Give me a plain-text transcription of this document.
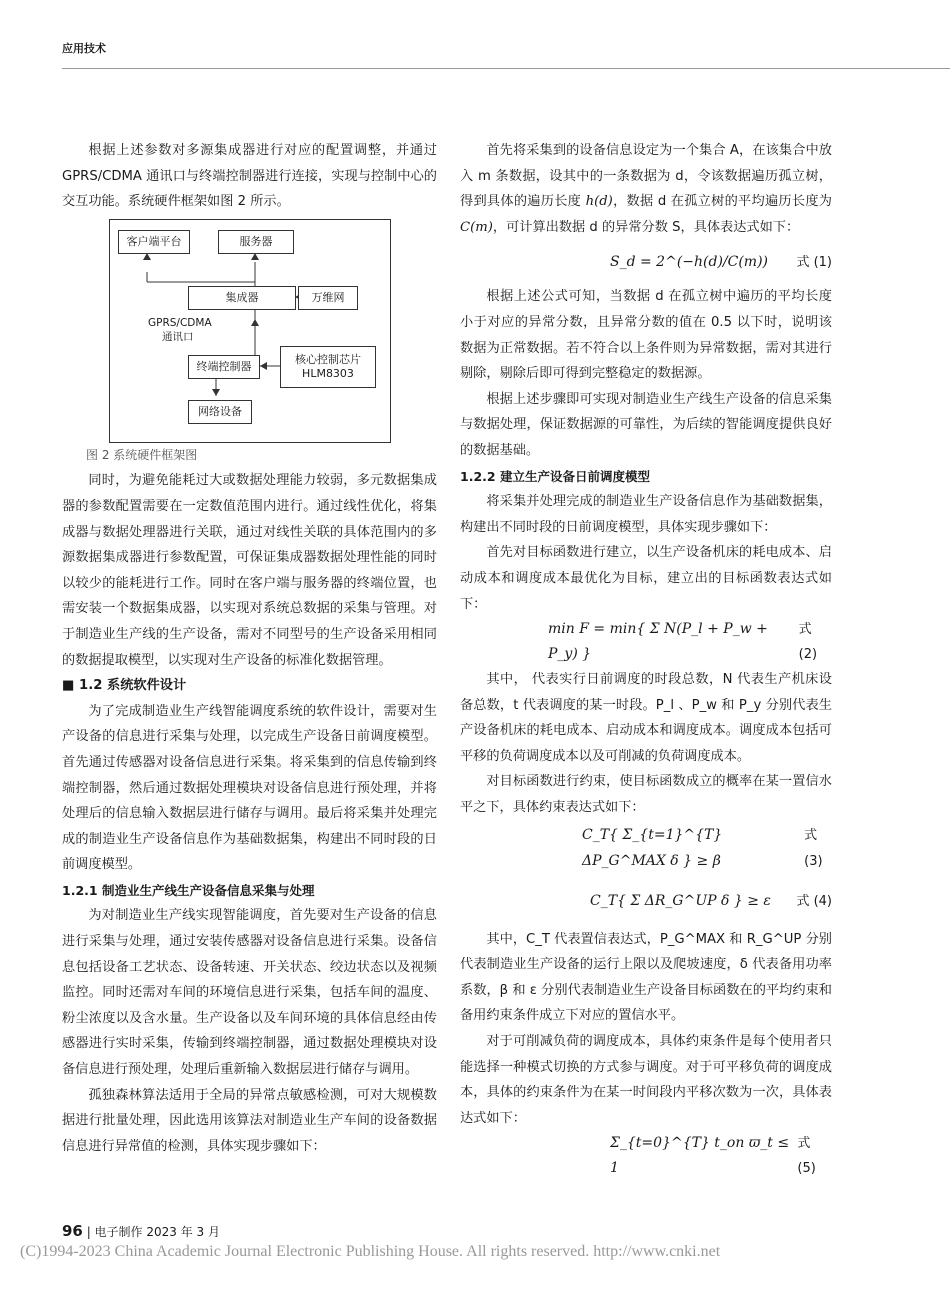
应用技术

根据上述参数对多源集成器进行对应的配置调整，并通过 GPRS/CDMA 通讯口与终端控制器进行连接，实现与控制中心的交互功能。系统硬件框架如图 2 所示。

客户端平台	服务器
集成器	万维网
GPRS/CDMA
通讯口
终端控制器
核心控制芯片
HLM8303
网络设备

图 2 系统硬件框架图

同时，为避免能耗过大或数据处理能力较弱，多元数据集成器的参数配置需要在一定数值范围内进行。通过线性优化，将集成器与数据处理器进行关联，通过对线性关联的具体范围内的多源数据集成器进行参数配置，可保证集成器数据处理性能的同时以较少的能耗进行工作。同时在客户端与服务器的终端位置，也需安装一个数据集成器，以实现对系统总数据的采集与管理。对于制造业生产线的生产设备，需对不同型号的生产设备采用相同的数据提取模型，以实现对生产设备的标准化数据管理。

■ 1.2 系统软件设计

为了完成制造业生产线智能调度系统的软件设计，需要对生产设备的信息进行采集与处理，以完成生产设备日前调度模型。首先通过传感器对设备信息进行采集。将采集到的信息传输到终端控制器，然后通过数据处理模块对设备信息进行预处理，并将处理后的信息输入数据层进行储存与调用。最后将采集并处理完成的制造业生产设备信息作为基础数据集，构建出不同时段的日前调度模型。

1.2.1 制造业生产线生产设备信息采集与处理

为对制造业生产线实现智能调度，首先要对生产设备的信息进行采集与处理，通过安装传感器对设备信息进行采集。设备信息包括设备工艺状态、设备转速、开关状态、绞边状态以及视频监控。同时还需对车间的环境信息进行采集，包括车间的温度、粉尘浓度以及含水量。生产设备以及车间环境的具体信息经由传感器进行实时采集，传输到终端控制器，通过数据处理模块对设备信息进行预处理，处理后重新输入数据层进行储存与调用。

孤独森林算法适用于全局的异常点敏感检测，可对大规模数据进行批量处理，因此选用该算法对制造业生产车间的设备数据信息进行异常值的检测，具体实现步骤如下：

首先将采集到的设备信息设定为一个集合 A，在该集合中放入 m 条数据，设其中的一条数据为 d，令该数据遍历孤立树，得到具体的遍历长度 h(d)，数据 d 在孤立树的平均遍历长度为 C(m)，可计算出数据 d 的异常分数 S，具体表达式如下：

S_d = 2^(−h(d)/C(m)) 式 (1)

根据上述公式可知，当数据 d 在孤立树中遍历的平均长度小于对应的异常分数，且异常分数的值在 0.5 以下时，说明该数据为正常数据。若不符合以上条件则为异常数据，需对其进行剔除，剔除后即可得到完整稳定的数据源。

根据上述步骤即可实现对制造业生产线生产设备的信息采集与数据处理，保证数据源的可靠性，为后续的智能调度提供良好的数据基础。

1.2.2 建立生产设备日前调度模型

将采集并处理完成的制造业生产设备信息作为基础数据集，构建出不同时段的日前调度模型，具体实现步骤如下：

首先对目标函数进行建立，以生产设备机床的耗电成本、启动成本和调度成本最优化为目标，建立出的目标函数表达式如下：

min F = min{ Σ N(P_l + P_w + P_y) }
式 (2)

其中， 代表实行日前调度的时段总数，N 代表生产机床设备总数，t 代表调度的某一时段。P_l 、P_w 和 P_y 分别代表生产设备机床的耗电成本、启动成本和调度成本。调度成本包括可平移的负荷调度成本以及可削减的负荷调度成本。

对目标函数进行约束，使目标函数成立的概率在某一置信水平之下，具体约束表达式如下：

C_T{ Σ_{t=1}^{T} ΔP_G^MAX δ } ≥ β
式 (3)
C_T{ Σ ΔR_G^UP δ } ≥ ε 式 (4)

其中，C_T 代表置信表达式，P_G^MAX 和 R_G^UP 分别代表制造业生产设备的运行上限以及爬坡速度，δ 代表备用功率系数，β 和 ε 分别代表制造业生产设备目标函数在的平均约束和备用约束条件成立下对应的置信水平。

对于可削减负荷的调度成本，具体约束条件是每个使用者只能选择一种模式切换的方式参与调度。对于可平移负荷的调度成本，具体的约束条件为在某一时间段内平移次数为一次，具体表达式如下：

Σ_{t=0}^{T} t_on ϖ_t ≤ 1
式 (5)
96 | 电子制作 2023 年 3 月
(C)1994-2023 China Academic Journal Electronic Publishing House. All rights reserved. http://www.cnki.net
